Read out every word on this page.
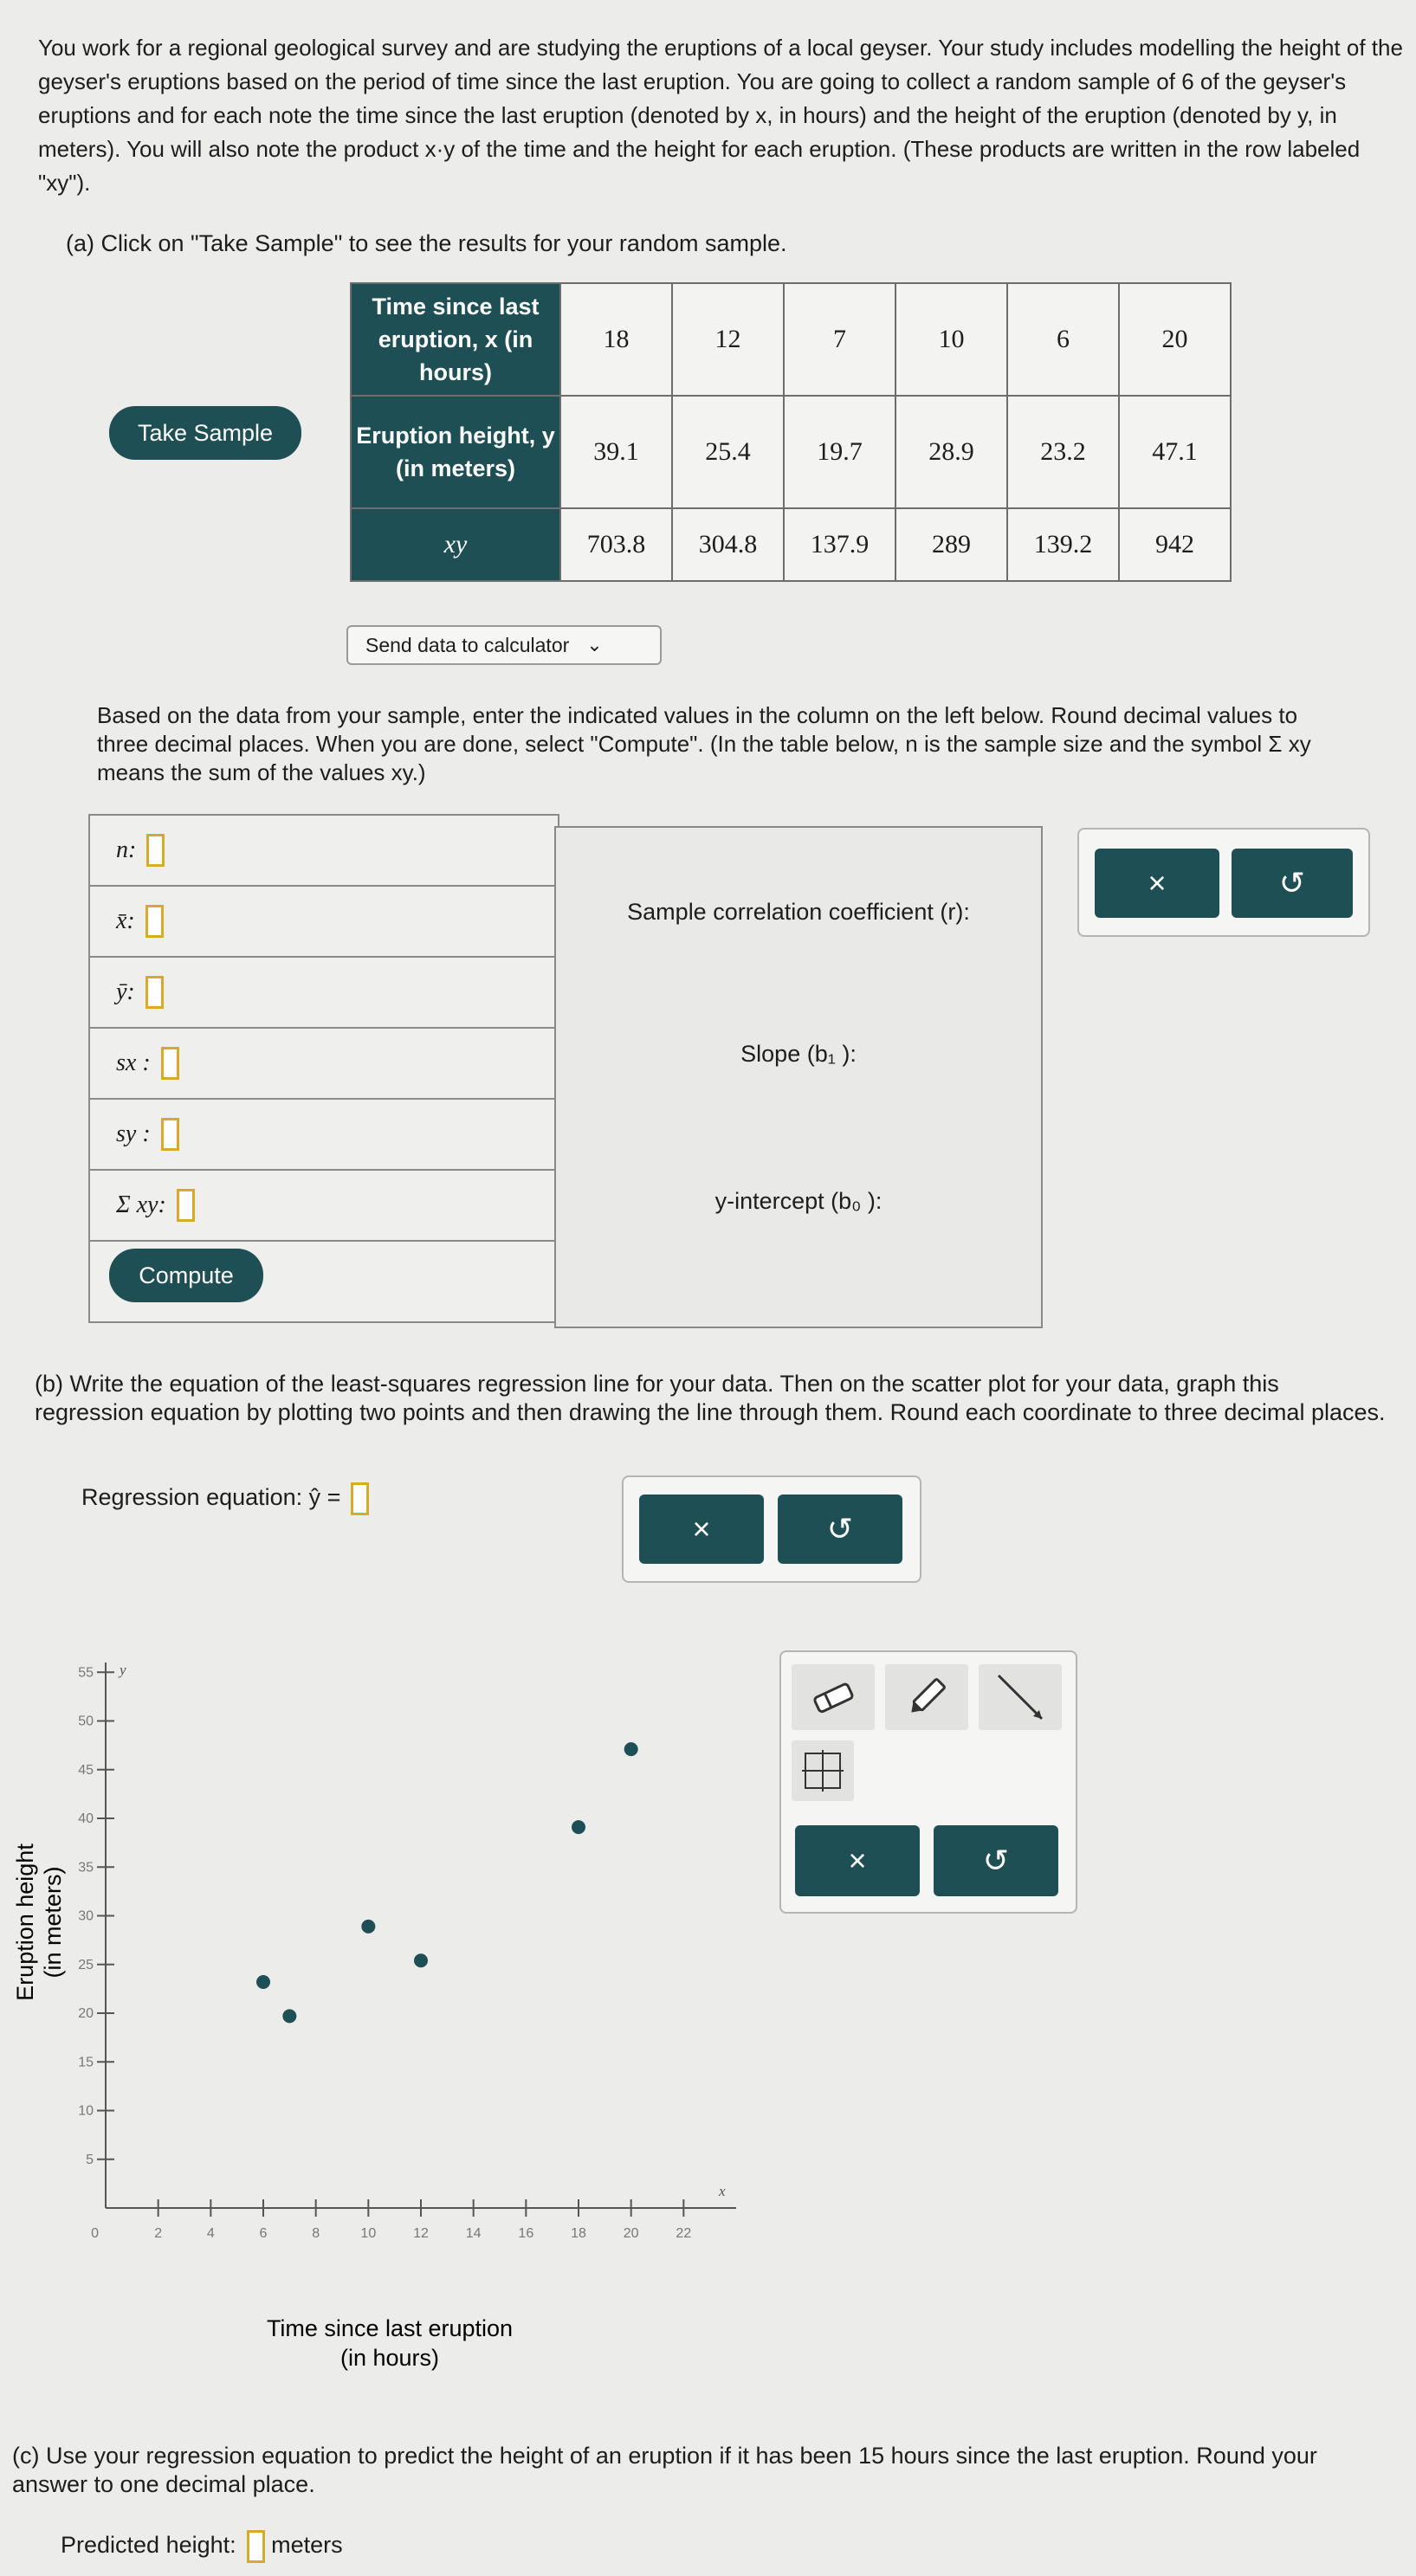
You work for a regional geological survey and are studying the eruptions of a local geyser. Your study includes modelling the height of the geyser's eruptions based on the period of time since the last eruption. You are going to collect a random sample of 6 of the geyser's eruptions and for each note the time since the last eruption (denoted by x, in hours) and the height of the eruption (denoted by y, in meters). You will also note the product x·y of the time and the height for each eruption. (These products are written in the row labeled "xy").
(a) Click on "Take Sample" to see the results for your random sample.
Take Sample
Time since last eruption, x (in hours)	18	12	7	10	6	20
Eruption height, y (in meters)	39.1	25.4	19.7	28.9	23.2	47.1
xy	703.8	304.8	137.9	289	139.2	942
Send data to calculator ⌄
Based on the data from your sample, enter the indicated values in the column on the left below. Round decimal values to three decimal places. When you are done, select "Compute". (In the table below, n is the sample size and the symbol Σ xy means the sum of the values xy.)
n:
x̄:
ȳ:
sx :
sy :
Σ xy:
Compute
Sample correlation coefficient (r):
Slope (b₁ ):
y-intercept (b₀ ):
×	↺
(b) Write the equation of the least-squares regression line for your data. Then on the scatter plot for your data, graph this regression equation by plotting two points and then drawing the line through them. Round each coordinate to three decimal places.
Regression equation: ŷ =
×	↺
2	4	6	8	10	12	14	16	18	20	22
5
10
15
20
25
30
35
40
45
50
55
0
x
y
Eruption height (in meters)
Time since last eruption
(in hours)
×	↺
(c) Use your regression equation to predict the height of an eruption if it has been 15 hours since the last eruption. Round your answer to one decimal place.
Predicted height: meters
